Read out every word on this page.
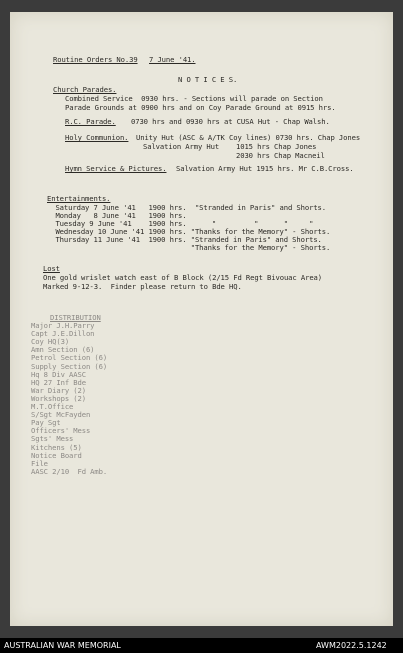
Routine Orders No.39 7 June '41.
N O T I C E S.
Church Parades.
Combined Service  0930 hrs. - Sections will parade on Section
Parade Grounds at 0900 hrs and on Coy Parade Ground at 0915 hrs.
R.C. Parade. 0730 hrs and 0930 hrs at CUSA Hut - Chap Walsh.
Holy Communion. Unity Hut (ASC & A/TK Coy lines) 0730 hrs. Chap Jones
Salvation Army Hut    1015 hrs Chap Jones
2030 hrs Chap Macneil
Hymn Service & Pictures. Salvation Army Hut 1915 hrs. Mr C.B.Cross.
Entertainments.
Saturday 7 June '41   1900 hrs.  "Stranded in Paris" and Shorts.
Monday   8 June '41   1900 hrs.
Tuesday 9 June '41    1900 hrs.      "         "      "     "
Wednesday 10 June '41 1900 hrs. "Thanks for the Memory" - Shorts.
Thursday 11 June '41  1900 hrs. "Stranded in Paris" and Shorts.
"Thanks for the Memory" - Shorts.
Lost
One gold wrislet watch east of B Block (2/15 Fd Regt Bivouac Area)
Marked 9-12-3.  Finder please return to Bde HQ.
DISTRIBUTION
Major J.H.Parry
Capt J.E.Dillon
Coy HQ(3)
Amn Section (6)
Petrol Section (6)
Supply Section (6)
Hq 8 Div AASC
HQ 27 Inf Bde
War Diary (2)
Workshops (2)
M.T.Office
S/Sgt McFayden
Pay Sgt
Officers' Mess
Sgts' Mess
Kitchens (5)
Notice Board
File
AASC 2/10  Fd Amb.
AUSTRALIAN WAR MEMORIAL	AWM2022.5.1242
